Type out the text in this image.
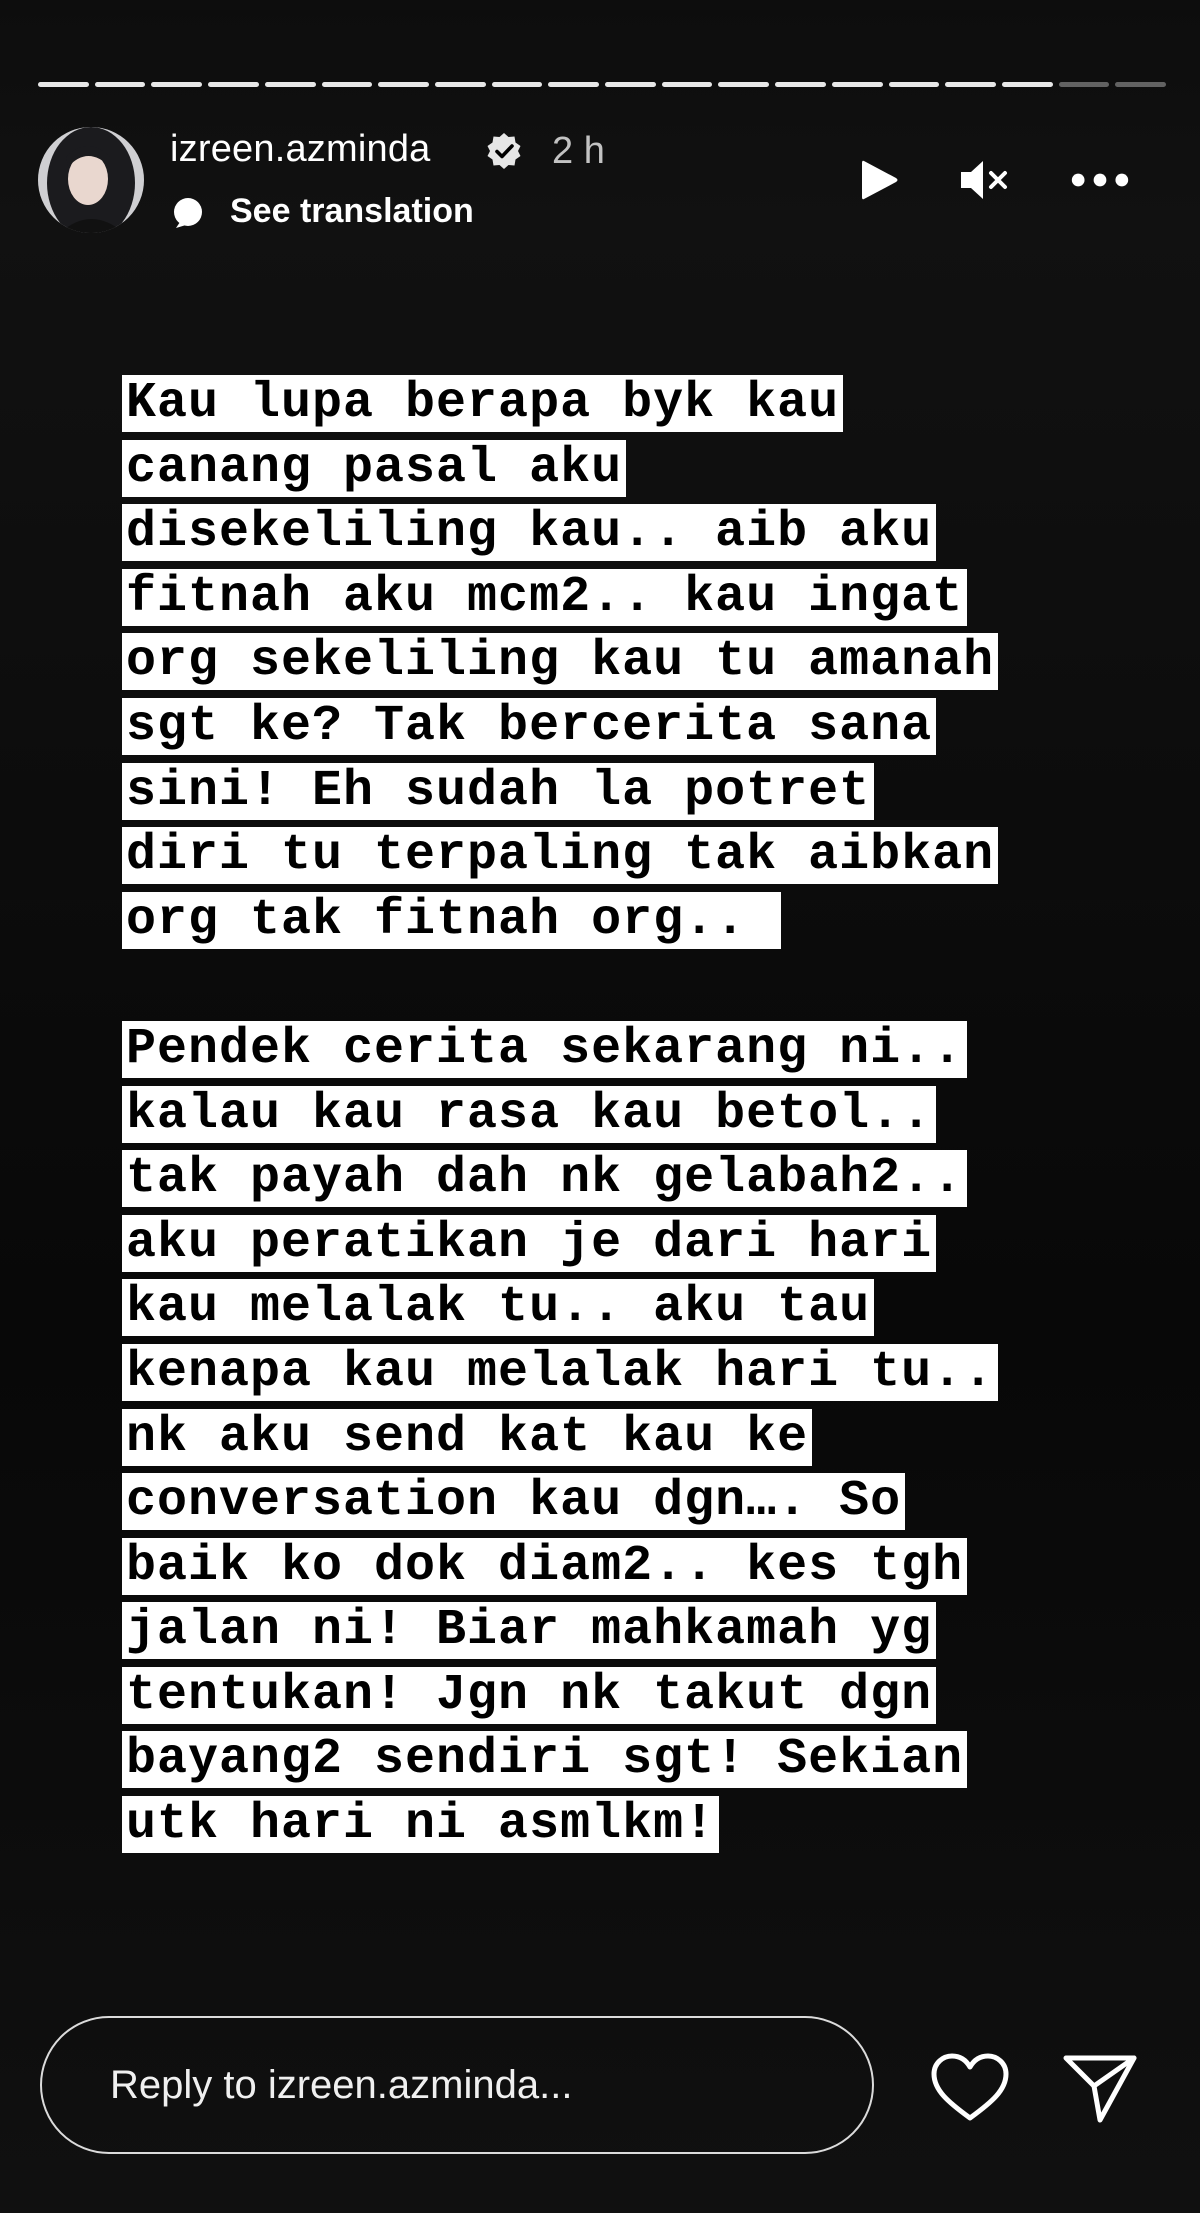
izreen.azminda	2 h
See translation
Kau lupa berapa byk kau
canang pasal aku
disekeliling kau.. aib aku
fitnah aku mcm2.. kau ingat
org sekeliling kau tu amanah
sgt ke? Tak bercerita sana
sini! Eh sudah la potret
diri tu terpaling tak aibkan
org tak fitnah org..
Pendek cerita sekarang ni..
kalau kau rasa kau betol..
tak payah dah nk gelabah2..
aku peratikan je dari hari
kau melalak tu.. aku tau
kenapa kau melalak hari tu..
nk aku send kat kau ke
conversation kau dgn…. So
baik ko dok diam2.. kes tgh
jalan ni! Biar mahkamah yg
tentukan! Jgn nk takut dgn
bayang2 sendiri sgt! Sekian
utk hari ni asmlkm!
Reply to izreen.azminda...
